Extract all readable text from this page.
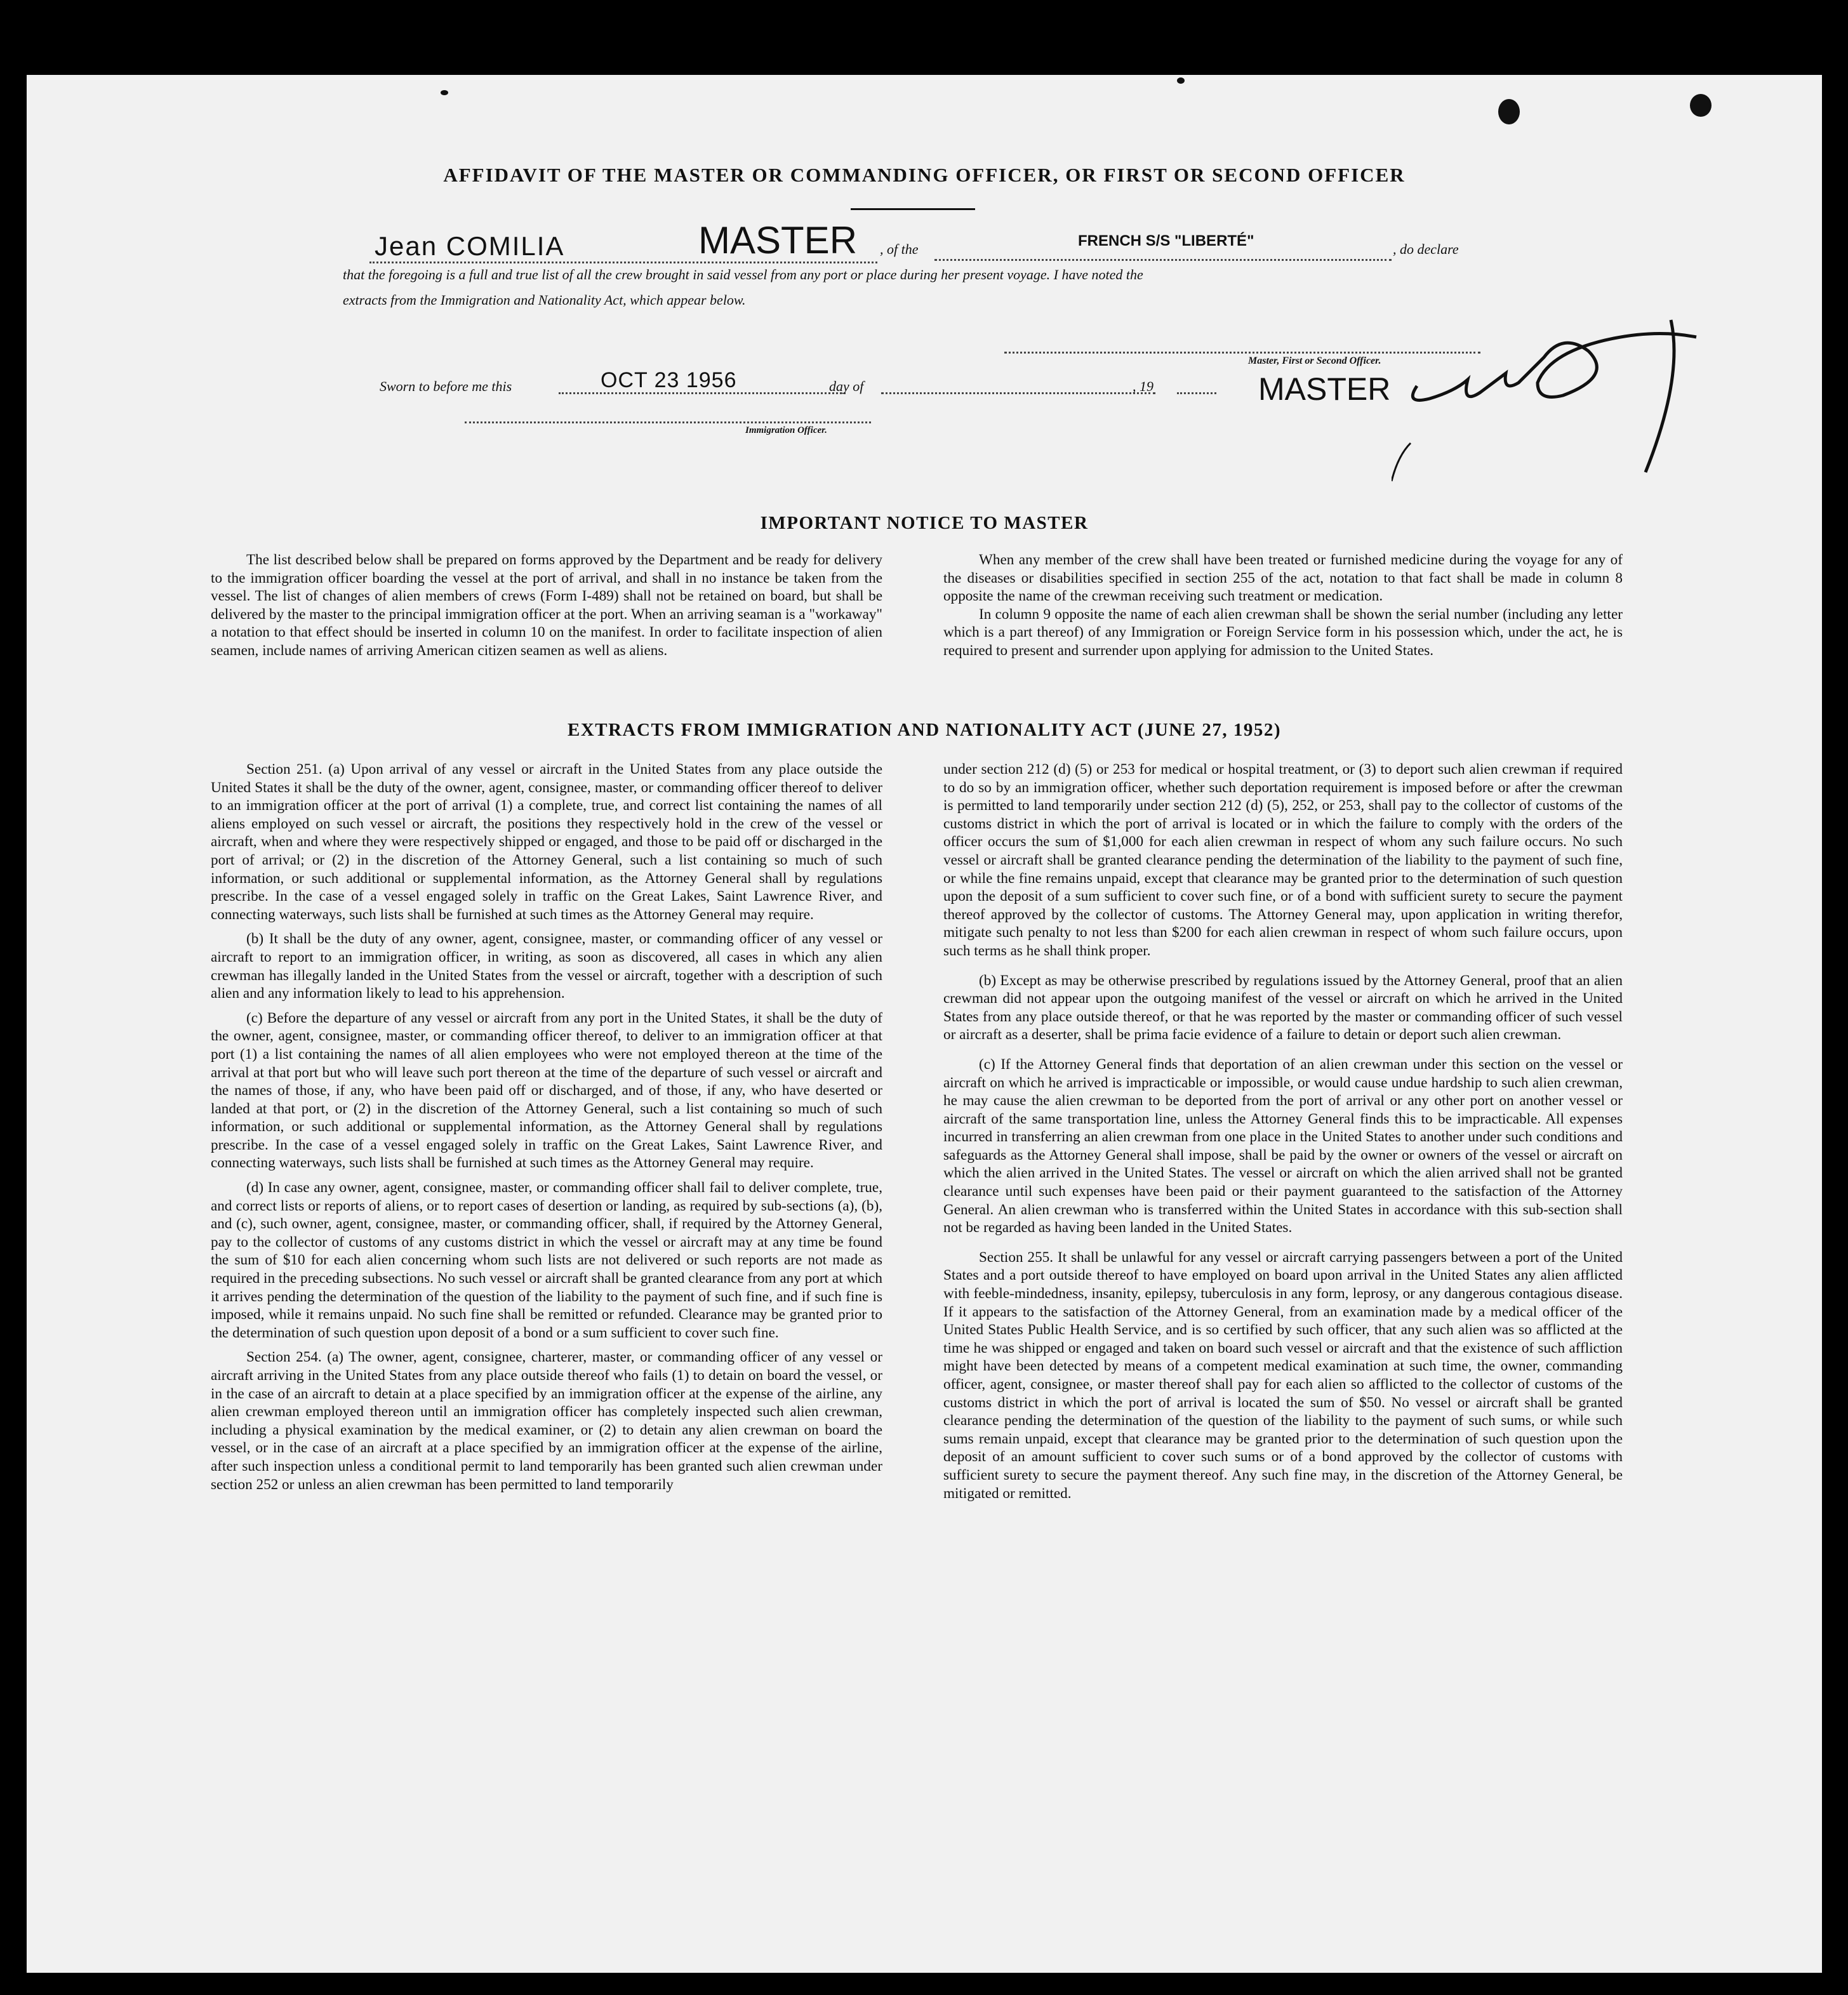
AFFIDAVIT OF THE MASTER OR COMMANDING OFFICER, OR FIRST OR SECOND OFFICER
Jean COMILIA	MASTER , of the	FRENCH S/S "LIBERTÉ"	, do declare
that the foregoing is a full and true list of all the crew brought in said vessel from any port or place during her present voyage. I have noted the
extracts from the Immigration and Nationality Act, which appear below.
Sworn to before me this	OCT 23 1956	day of	, 19
Master, First or Second Officer.
MASTER
Immigration Officer.
IMPORTANT NOTICE TO MASTER

The list described below shall be prepared on forms approved by the Department and be ready for delivery to the immigration officer boarding the vessel at the port of arrival, and shall in no instance be taken from the vessel. The list of changes of alien members of crews (Form I-489) shall not be retained on board, but shall be delivered by the master to the principal immigration officer at the port. When an arriving seaman is a "workaway" a notation to that effect should be inserted in column 10 on the manifest. In order to facilitate inspection of alien seamen, include names of arriving American citizen seamen as well as aliens.

When any member of the crew shall have been treated or furnished medicine during the voyage for any of the diseases or disabilities specified in section 255 of the act, notation to that fact shall be made in column 8 opposite the name of the crewman receiving such treatment or medication.

In column 9 opposite the name of each alien crewman shall be shown the serial number (including any letter which is a part thereof) of any Immigration or Foreign Service form in his possession which, under the act, he is required to present and surrender upon applying for admission to the United States.

EXTRACTS FROM IMMIGRATION AND NATIONALITY ACT (JUNE 27, 1952)

Section 251. (a) Upon arrival of any vessel or aircraft in the United States from any place outside the United States it shall be the duty of the owner, agent, consignee, master, or commanding officer thereof to deliver to an immigration officer at the port of arrival (1) a complete, true, and correct list containing the names of all aliens employed on such vessel or aircraft, the positions they respectively hold in the crew of the vessel or aircraft, when and where they were respectively shipped or engaged, and those to be paid off or discharged in the port of arrival; or (2) in the discretion of the Attorney General, such a list containing so much of such information, or such additional or supplemental information, as the Attorney General shall by regulations prescribe. In the case of a vessel engaged solely in traffic on the Great Lakes, Saint Lawrence River, and connecting waterways, such lists shall be furnished at such times as the Attorney General may require.

(b) It shall be the duty of any owner, agent, consignee, master, or commanding officer of any vessel or aircraft to report to an immigration officer, in writing, as soon as discovered, all cases in which any alien crewman has illegally landed in the United States from the vessel or aircraft, together with a description of such alien and any information likely to lead to his apprehension.

(c) Before the departure of any vessel or aircraft from any port in the United States, it shall be the duty of the owner, agent, consignee, master, or commanding officer thereof, to deliver to an immigration officer at that port (1) a list containing the names of all alien employees who were not employed thereon at the time of the arrival at that port but who will leave such port thereon at the time of the departure of such vessel or aircraft and the names of those, if any, who have been paid off or discharged, and of those, if any, who have deserted or landed at that port, or (2) in the discretion of the Attorney General, such a list containing so much of such information, or such additional or supplemental information, as the Attorney General shall by regulations prescribe. In the case of a vessel engaged solely in traffic on the Great Lakes, Saint Lawrence River, and connecting waterways, such lists shall be furnished at such times as the Attorney General may require.

(d) In case any owner, agent, consignee, master, or commanding officer shall fail to deliver complete, true, and correct lists or reports of aliens, or to report cases of desertion or landing, as required by sub-sections (a), (b), and (c), such owner, agent, consignee, master, or commanding officer, shall, if required by the Attorney General, pay to the collector of customs of any customs district in which the vessel or aircraft may at any time be found the sum of $10 for each alien concerning whom such lists are not delivered or such reports are not made as required in the preceding subsections. No such vessel or aircraft shall be granted clearance from any port at which it arrives pending the determination of the question of the liability to the payment of such fine, and if such fine is imposed, while it remains unpaid. No such fine shall be remitted or refunded. Clearance may be granted prior to the determination of such question upon deposit of a bond or a sum sufficient to cover such fine.

Section 254. (a) The owner, agent, consignee, charterer, master, or commanding officer of any vessel or aircraft arriving in the United States from any place outside thereof who fails (1) to detain on board the vessel, or in the case of an aircraft to detain at a place specified by an immigration officer at the expense of the airline, any alien crewman employed thereon until an immigration officer has completely inspected such alien crewman, including a physical examination by the medical examiner, or (2) to detain any alien crewman on board the vessel, or in the case of an aircraft at a place specified by an immigration officer at the expense of the airline, after such inspection unless a conditional permit to land temporarily has been granted such alien crewman under section 252 or unless an alien crewman has been permitted to land temporarily

under section 212 (d) (5) or 253 for medical or hospital treatment, or (3) to deport such alien crewman if required to do so by an immigration officer, whether such deportation requirement is imposed before or after the crewman is permitted to land temporarily under section 212 (d) (5), 252, or 253, shall pay to the collector of customs of the customs district in which the port of arrival is located or in which the failure to comply with the orders of the officer occurs the sum of $1,000 for each alien crewman in respect of whom any such failure occurs. No such vessel or aircraft shall be granted clearance pending the determination of the liability to the payment of such fine, or while the fine remains unpaid, except that clearance may be granted prior to the determination of such question upon the deposit of a sum sufficient to cover such fine, or of a bond with sufficient surety to secure the payment thereof approved by the collector of customs. The Attorney General may, upon application in writing therefor, mitigate such penalty to not less than $200 for each alien crewman in respect of whom such failure occurs, upon such terms as he shall think proper.

(b) Except as may be otherwise prescribed by regulations issued by the Attorney General, proof that an alien crewman did not appear upon the outgoing manifest of the vessel or aircraft on which he arrived in the United States from any place outside thereof, or that he was reported by the master or commanding officer of such vessel or aircraft as a deserter, shall be prima facie evidence of a failure to detain or deport such alien crewman.

(c) If the Attorney General finds that deportation of an alien crewman under this section on the vessel or aircraft on which he arrived is impracticable or impossible, or would cause undue hardship to such alien crewman, he may cause the alien crewman to be deported from the port of arrival or any other port on another vessel or aircraft of the same transportation line, unless the Attorney General finds this to be impracticable. All expenses incurred in transferring an alien crewman from one place in the United States to another under such conditions and safeguards as the Attorney General shall impose, shall be paid by the owner or owners of the vessel or aircraft on which the alien arrived in the United States. The vessel or aircraft on which the alien arrived shall not be granted clearance until such expenses have been paid or their payment guaranteed to the satisfaction of the Attorney General. An alien crewman who is transferred within the United States in accordance with this sub-section shall not be regarded as having been landed in the United States.

Section 255. It shall be unlawful for any vessel or aircraft carrying passengers between a port of the United States and a port outside thereof to have employed on board upon arrival in the United States any alien afflicted with feeble-mindedness, insanity, epilepsy, tuberculosis in any form, leprosy, or any dangerous contagious disease. If it appears to the satisfaction of the Attorney General, from an examination made by a medical officer of the United States Public Health Service, and is so certified by such officer, that any such alien was so afflicted at the time he was shipped or engaged and taken on board such vessel or aircraft and that the existence of such affliction might have been detected by means of a competent medical examination at such time, the owner, commanding officer, agent, consignee, or master thereof shall pay for each alien so afflicted to the collector of customs of the customs district in which the port of arrival is located the sum of $50. No vessel or aircraft shall be granted clearance pending the determination of the question of the liability to the payment of such sums, or while such sums remain unpaid, except that clearance may be granted prior to the determination of such question upon the deposit of an amount sufficient to cover such sums or of a bond approved by the collector of customs with sufficient surety to secure the payment thereof. Any such fine may, in the discretion of the Attorney General, be mitigated or remitted.
